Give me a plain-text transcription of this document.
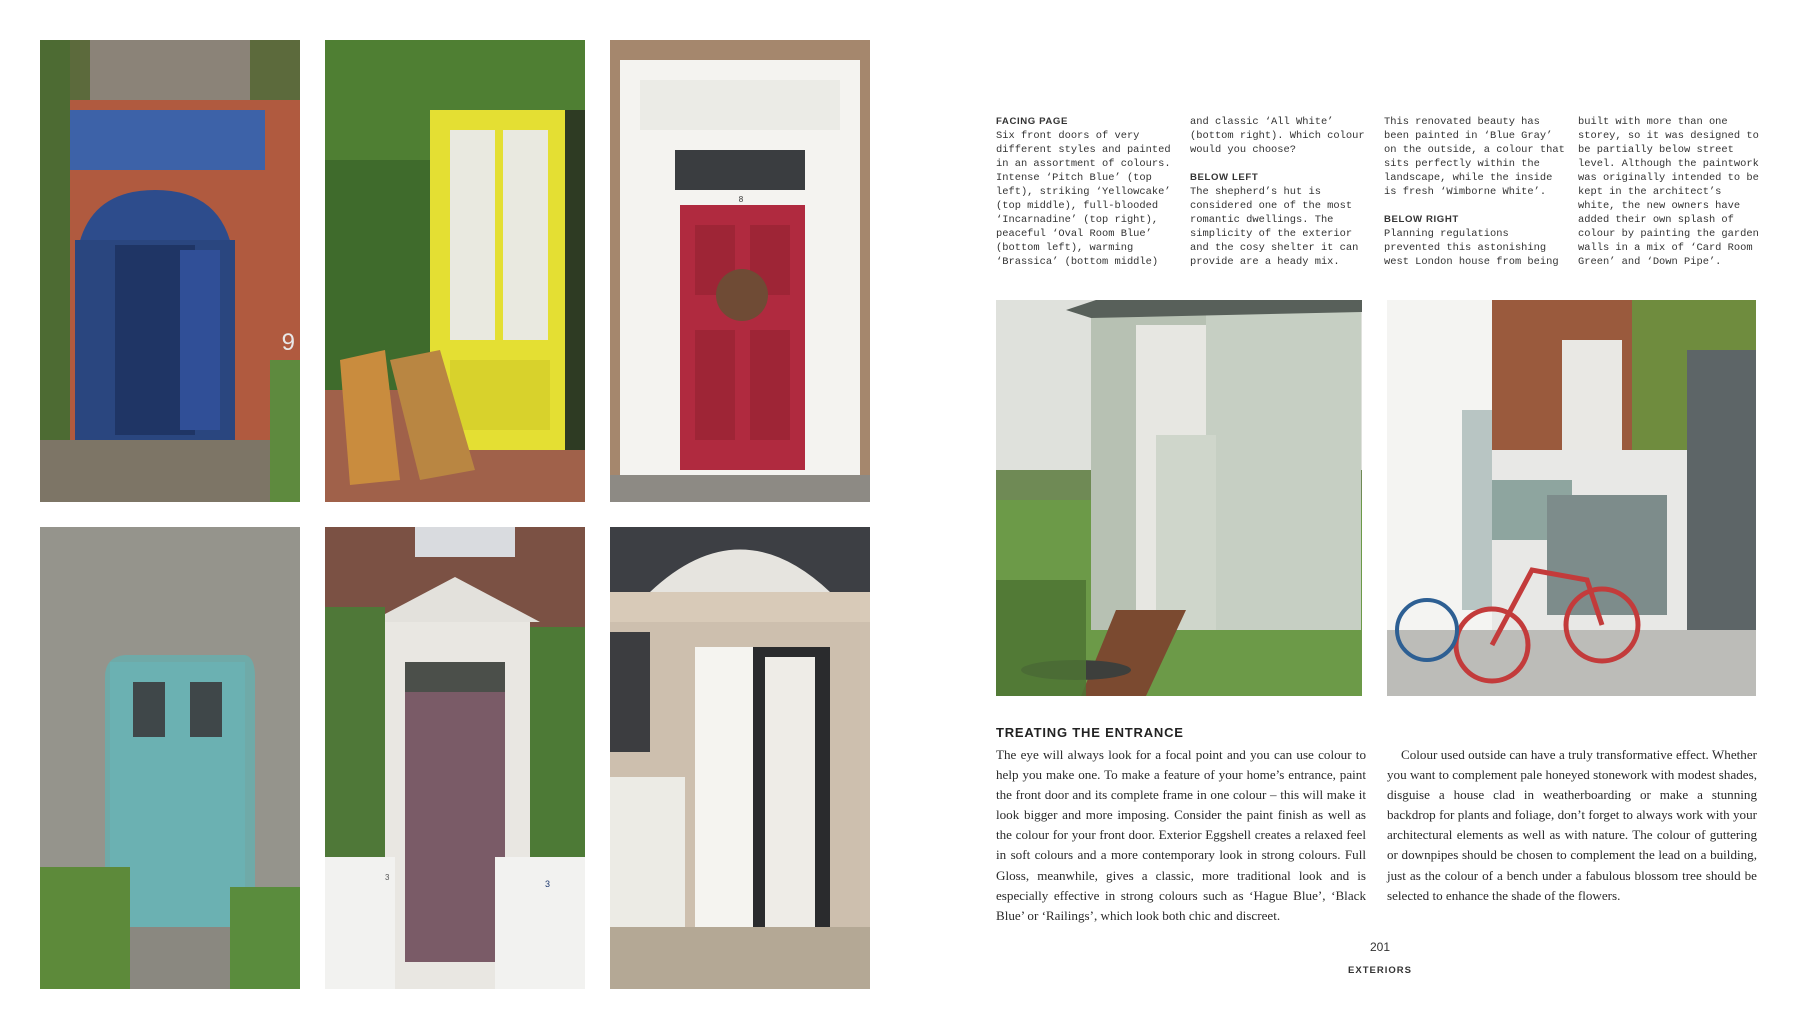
9
8
3
3
FACING PAGE

Six front doors of very different styles and painted in an assortment of colours. Intense ‘Pitch Blue’ (top left), striking ‘Yellowcake’ (top middle), full-blooded ‘Incarnadine’ (top right), peaceful ‘Oval Room Blue’ (bottom left), warming ‘Brassica’ (bottom middle)

and classic ‘All White’ (bottom right). Which colour would you choose?

BELOW LEFT

The shepherd’s hut is considered one of the most romantic dwellings. The simplicity of the exterior and the cosy shelter it can provide are a heady mix.

This renovated beauty has been painted in ‘Blue Gray’ on the outside, a colour that sits perfectly within the landscape, while the inside is fresh ‘Wimborne White’.

BELOW RIGHT

Planning regulations prevented this astonishing west London house from being

built with more than one storey, so it was designed to be partially below street level. Although the paintwork was originally intended to be kept in the architect’s white, the new owners have added their own splash of colour by painting the garden walls in a mix of ‘Card Room Green’ and ‘Down Pipe’.

TREATING THE ENTRANCE

The eye will always look for a focal point and you can use colour to help you make one. To make a feature of your home’s entrance, paint the front door and its complete frame in one colour – this will make it look bigger and more imposing. Consider the paint finish as well as the colour for your front door. Exterior Eggshell creates a relaxed feel in soft colours and a more contemporary look in strong colours. Full Gloss, meanwhile, gives a classic, more traditional look and is especially effective in strong colours such as ‘Hague Blue’, ‘Black Blue’ or ‘Railings’, which look both chic and discreet.

Colour used outside can have a truly transformative effect. Whether you want to complement pale honeyed stonework with modest shades, disguise a house clad in weatherboarding or make a stunning backdrop for plants and foliage, don’t forget to always work with your architectural elements as well as with nature. The colour of guttering or downpipes should be chosen to complement the lead on a building, just as the colour of a bench under a fabulous blossom tree should be selected to enhance the shade of the flowers.

201
EXTERIORS
